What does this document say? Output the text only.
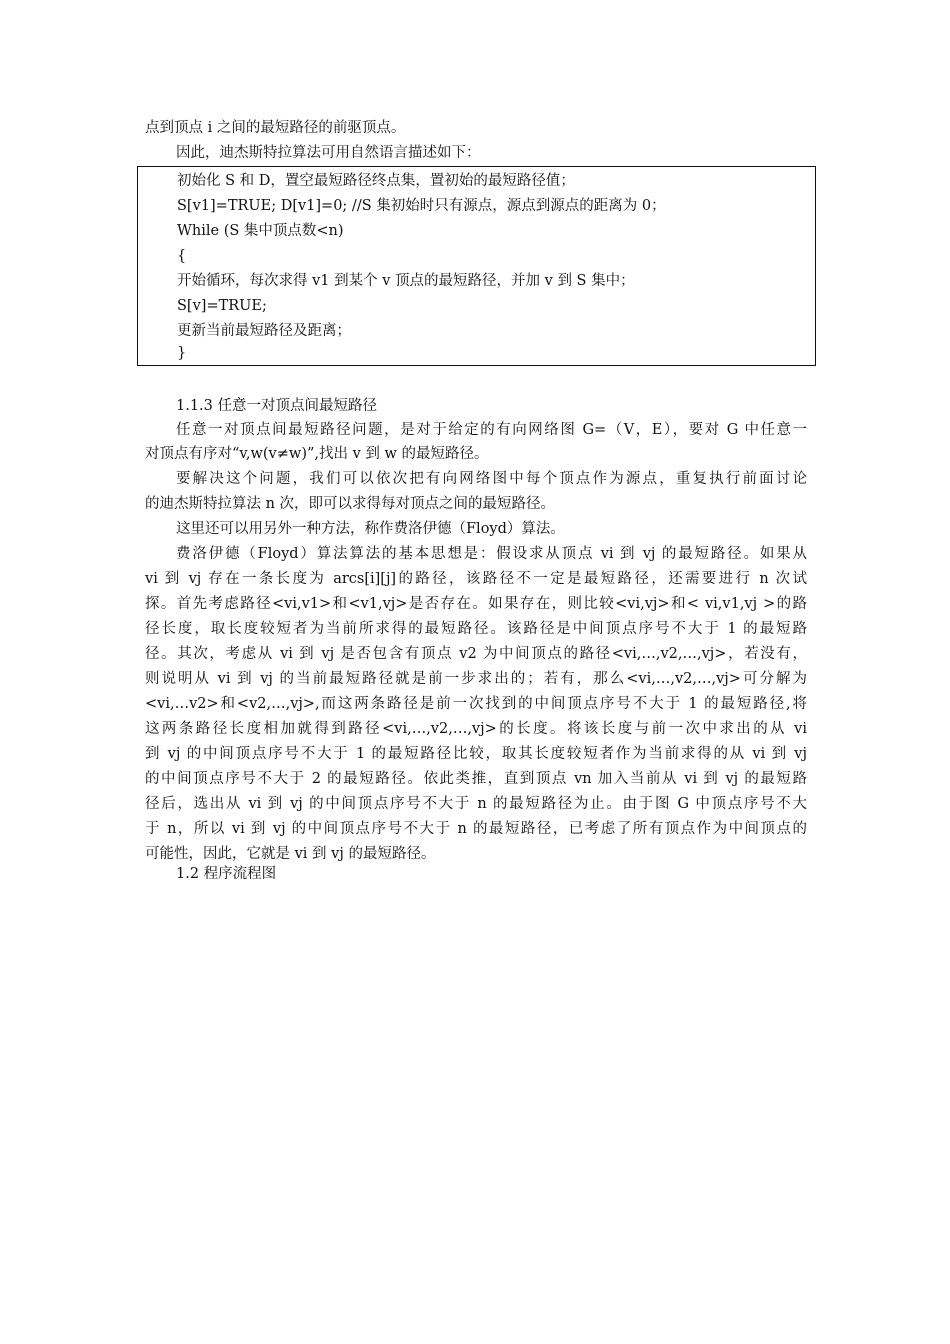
点到顶点 i 之间的最短路径的前驱顶点。
因此，迪杰斯特拉算法可用自然语言描述如下：
初始化 S 和 D，置空最短路径终点集，置初始的最短路径值；
S[v1]=TRUE; D[v1]=0; //S 集初始时只有源点，源点到源点的距离为 0；
While (S 集中顶点数<n)
{
开始循环，每次求得 v1 到某个 v 顶点的最短路径，并加 v 到 S 集中；
S[v]=TRUE;
更新当前最短路径及距离；
}
1.1.3 任意一对顶点间最短路径
任意一对顶点间最短路径问题，是对于给定的有向网络图 G=（V，E），要对 G 中任意一
对顶点有序对“v,w(v≠w)”,找出 v 到 w 的最短路径。
要解决这个问题，我们可以依次把有向网络图中每个顶点作为源点，重复执行前面讨论
的迪杰斯特拉算法 n 次，即可以求得每对顶点之间的最短路径。
这里还可以用另外一种方法，称作费洛伊德（Floyd）算法。
费洛伊德（Floyd）算法算法的基本思想是：假设求从顶点 vi 到 vj 的最短路径。如果从
vi 到 vj 存在一条长度为 arcs[i][j]的路径，该路径不一定是最短路径，还需要进行 n 次试
探。首先考虑路径<vi,v1>和<v1,vj>是否存在。如果存在，则比较<vi,vj>和< vi,v1,vj >的路
径长度，取长度较短者为当前所求得的最短路径。该路径是中间顶点序号不大于 1 的最短路
径。其次，考虑从 vi 到 vj 是否包含有顶点 v2 为中间顶点的路径<vi,…,v2,…,vj>，若没有，
则说明从 vi 到 vj 的当前最短路径就是前一步求出的；若有，那么<vi,…,v2,…,vj>可分解为
<vi,…v2>和<v2,…,vj>,而这两条路径是前一次找到的中间顶点序号不大于 1 的最短路径,将
这两条路径长度相加就得到路径<vi,…,v2,…,vj>的长度。将该长度与前一次中求出的从 vi
到 vj 的中间顶点序号不大于 1 的最短路径比较，取其长度较短者作为当前求得的从 vi 到 vj
的中间顶点序号不大于 2 的最短路径。依此类推，直到顶点 vn 加入当前从 vi 到 vj 的最短路
径后，选出从 vi 到 vj 的中间顶点序号不大于 n 的最短路径为止。由于图 G 中顶点序号不大
于 n，所以 vi 到 vj 的中间顶点序号不大于 n 的最短路径，已考虑了所有顶点作为中间顶点的
可能性，因此，它就是 vi 到 vj 的最短路径。
1.2 程序流程图
